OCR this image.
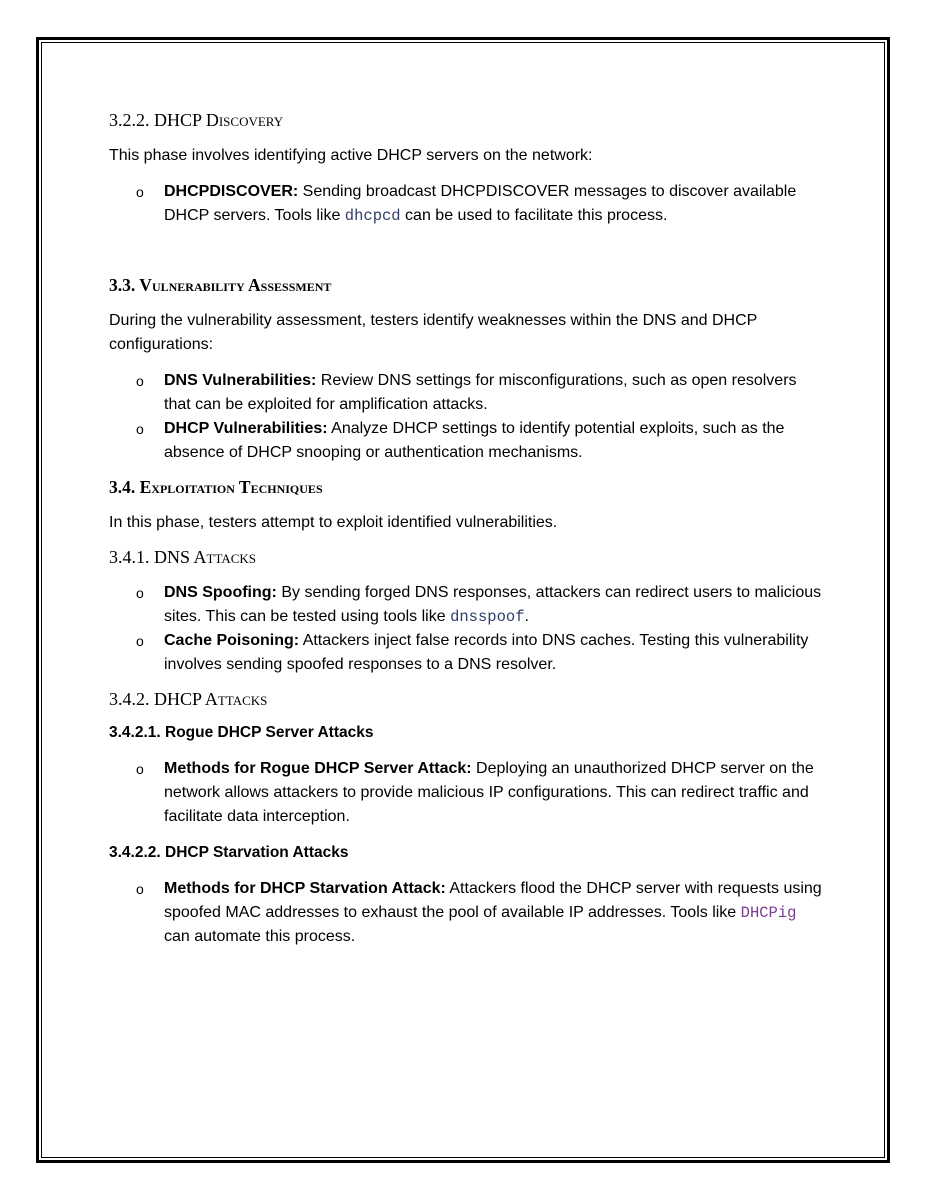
3.2.2. DHCP Discovery

This phase involves identifying active DHCP servers on the network:

o DHCPDISCOVER: Sending broadcast DHCPDISCOVER messages to discover available DHCP servers. Tools like dhcpcd can be used to facilitate this process.
3.3. Vulnerability Assessment

During the vulnerability assessment, testers identify weaknesses within the DNS and DHCP configurations:

o DNS Vulnerabilities: Review DNS settings for misconfigurations, such as open resolvers that can be exploited for amplification attacks.
o DHCP Vulnerabilities: Analyze DHCP settings to identify potential exploits, such as the absence of DHCP snooping or authentication mechanisms.
3.4. Exploitation Techniques

In this phase, testers attempt to exploit identified vulnerabilities.

3.4.1. DNS Attacks
o DNS Spoofing: By sending forged DNS responses, attackers can redirect users to malicious sites. This can be tested using tools like dnsspoof.
o Cache Poisoning: Attackers inject false records into DNS caches. Testing this vulnerability involves sending spoofed responses to a DNS resolver.
3.4.2. DHCP Attacks
3.4.2.1. Rogue DHCP Server Attacks
o Methods for Rogue DHCP Server Attack: Deploying an unauthorized DHCP server on the network allows attackers to provide malicious IP configurations. This can redirect traffic and facilitate data interception.
3.4.2.2. DHCP Starvation Attacks
o Methods for DHCP Starvation Attack: Attackers flood the DHCP server with requests using spoofed MAC addresses to exhaust the pool of available IP addresses. Tools like DHCPig  can automate this process.
